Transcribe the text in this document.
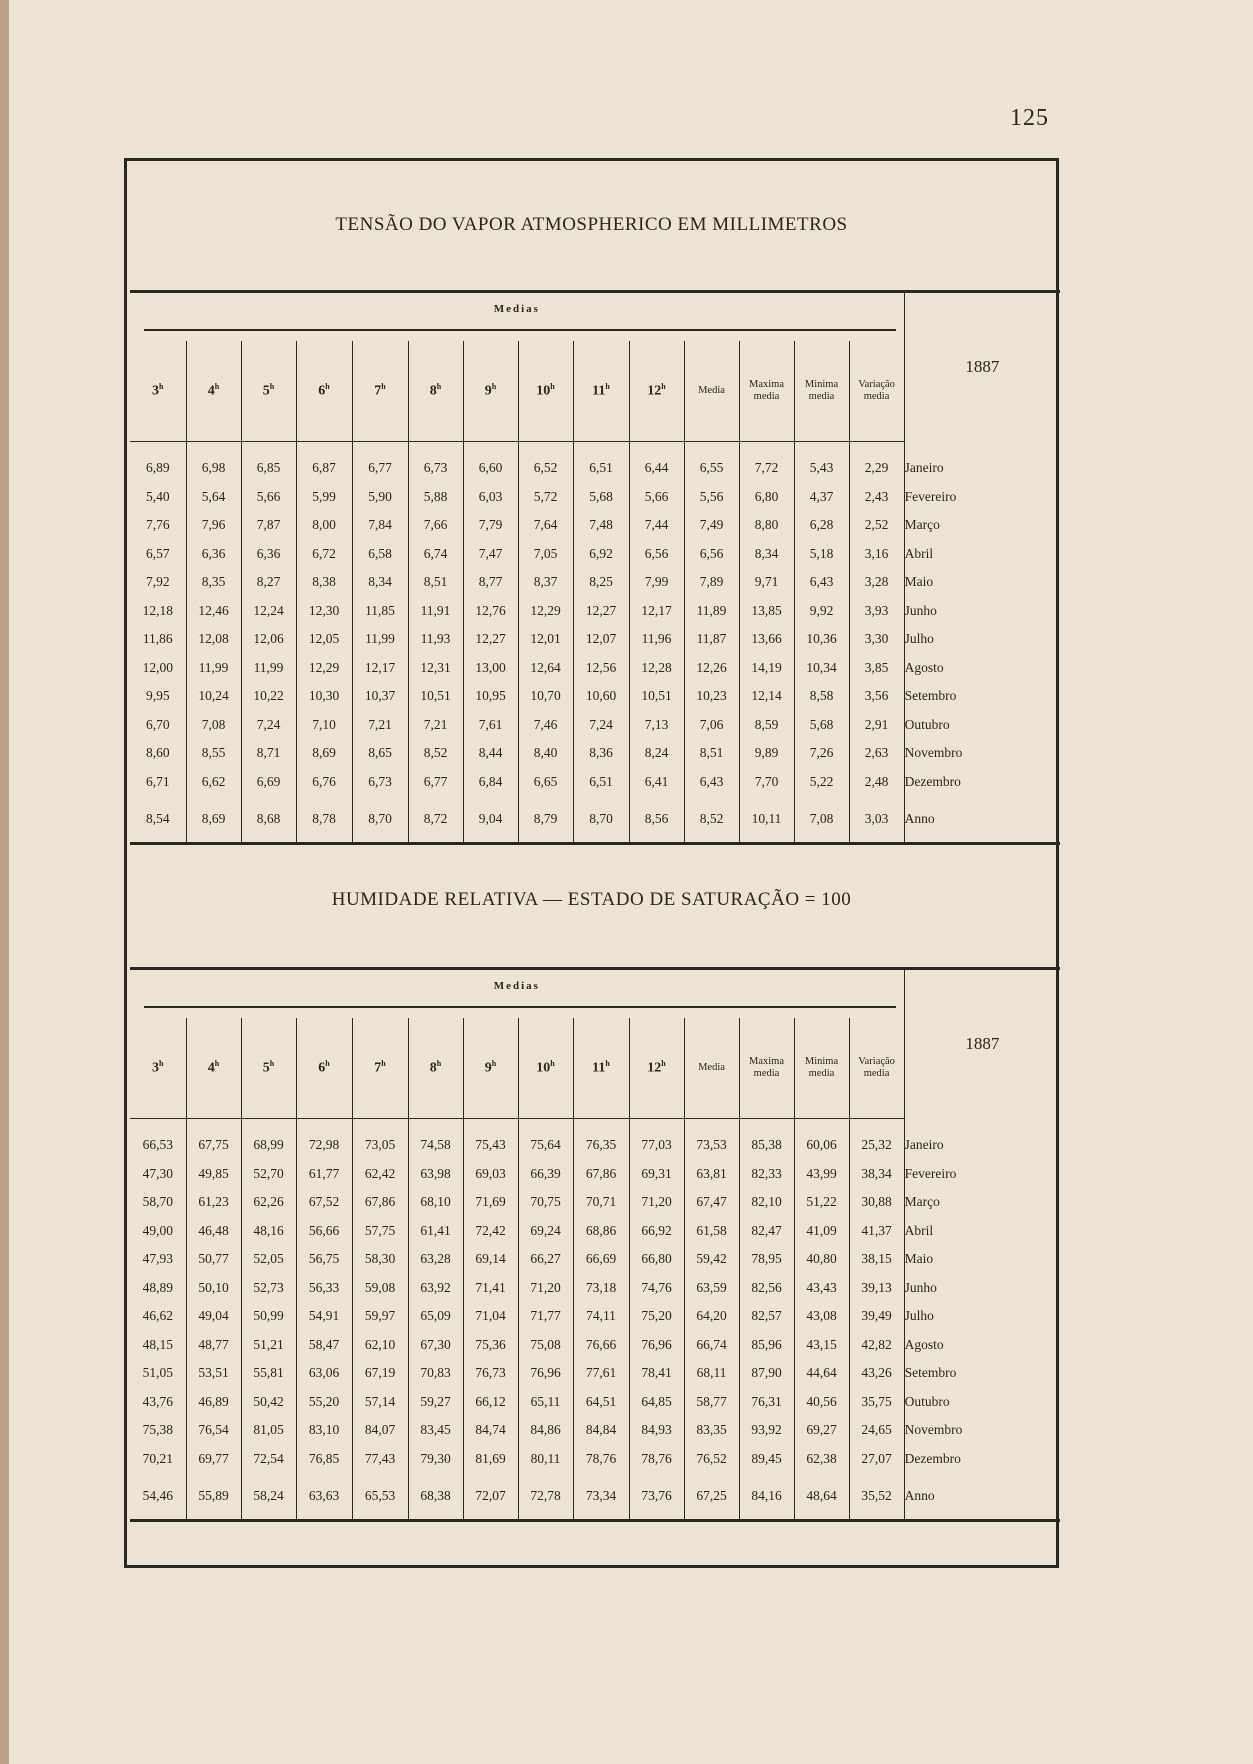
125
TENSÃO DO VAPOR ATMOSPHERICO EM MILLIMETROS
Medias														1887
3$^h$	4$^h$	5$^h$	6$^h$	7$^h$	8$^h$	9$^h$	10$^h$	11$^h$	12$^h$	Media	Maxima media	Minima media	Variação media	
6,89	6,98	6,85	6,87	6,77	6,73	6,60	6,52	6,51	6,44	6,55	7,72	5,43	2,29	Janeiro
5,40	5,64	5,66	5,99	5,90	5,88	6,03	5,72	5,68	5,66	5,56	6,80	4,37	2,43	Fevereiro
7,76	7,96	7,87	8,00	7,84	7,66	7,79	7,64	7,48	7,44	7,49	8,80	6,28	2,52	Março
6,57	6,36	6,36	6,72	6,58	6,74	7,47	7,05	6,92	6,56	6,56	8,34	5,18	3,16	Abril
7,92	8,35	8,27	8,38	8,34	8,51	8,77	8,37	8,25	7,99	7,89	9,71	6,43	3,28	Maio
12,18	12,46	12,24	12,30	11,85	11,91	12,76	12,29	12,27	12,17	11,89	13,85	9,92	3,93	Junho
11,86	12,08	12,06	12,05	11,99	11,93	12,27	12,01	12,07	11,96	11,87	13,66	10,36	3,30	Julho
12,00	11,99	11,99	12,29	12,17	12,31	13,00	12,64	12,56	12,28	12,26	14,19	10,34	3,85	Agosto
9,95	10,24	10,22	10,30	10,37	10,51	10,95	10,70	10,60	10,51	10,23	12,14	8,58	3,56	Setembro
6,70	7,08	7,24	7,10	7,21	7,21	7,61	7,46	7,24	7,13	7,06	8,59	5,68	2,91	Outubro
8,60	8,55	8,71	8,69	8,65	8,52	8,44	8,40	8,36	8,24	8,51	9,89	7,26	2,63	Novembro
6,71	6,62	6,69	6,76	6,73	6,77	6,84	6,65	6,51	6,41	6,43	7,70	5,22	2,48	Dezembro
8,54	8,69	8,68	8,78	8,70	8,72	9,04	8,79	8,70	8,56	8,52	10,11	7,08	3,03	Anno
HUMIDADE RELATIVA — ESTADO DE SATURAÇÃO = 100
Medias														1887
3$^h$	4$^h$	5$^h$	6$^h$	7$^h$	8$^h$	9$^h$	10$^h$	11$^h$	12$^h$	Media	Maxima media	Minima media	Variação media	
66,53	67,75	68,99	72,98	73,05	74,58	75,43	75,64	76,35	77,03	73,53	85,38	60,06	25,32	Janeiro
47,30	49,85	52,70	61,77	62,42	63,98	69,03	66,39	67,86	69,31	63,81	82,33	43,99	38,34	Fevereiro
58,70	61,23	62,26	67,52	67,86	68,10	71,69	70,75	70,71	71,20	67,47	82,10	51,22	30,88	Março
49,00	46,48	48,16	56,66	57,75	61,41	72,42	69,24	68,86	66,92	61,58	82,47	41,09	41,37	Abril
47,93	50,77	52,05	56,75	58,30	63,28	69,14	66,27	66,69	66,80	59,42	78,95	40,80	38,15	Maio
48,89	50,10	52,73	56,33	59,08	63,92	71,41	71,20	73,18	74,76	63,59	82,56	43,43	39,13	Junho
46,62	49,04	50,99	54,91	59,97	65,09	71,04	71,77	74,11	75,20	64,20	82,57	43,08	39,49	Julho
48,15	48,77	51,21	58,47	62,10	67,30	75,36	75,08	76,66	76,96	66,74	85,96	43,15	42,82	Agosto
51,05	53,51	55,81	63,06	67,19	70,83	76,73	76,96	77,61	78,41	68,11	87,90	44,64	43,26	Setembro
43,76	46,89	50,42	55,20	57,14	59,27	66,12	65,11	64,51	64,85	58,77	76,31	40,56	35,75	Outubro
75,38	76,54	81,05	83,10	84,07	83,45	84,74	84,86	84,84	84,93	83,35	93,92	69,27	24,65	Novembro
70,21	69,77	72,54	76,85	77,43	79,30	81,69	80,11	78,76	78,76	76,52	89,45	62,38	27,07	Dezembro
54,46	55,89	58,24	63,63	65,53	68,38	72,07	72,78	73,34	73,76	67,25	84,16	48,64	35,52	Anno
